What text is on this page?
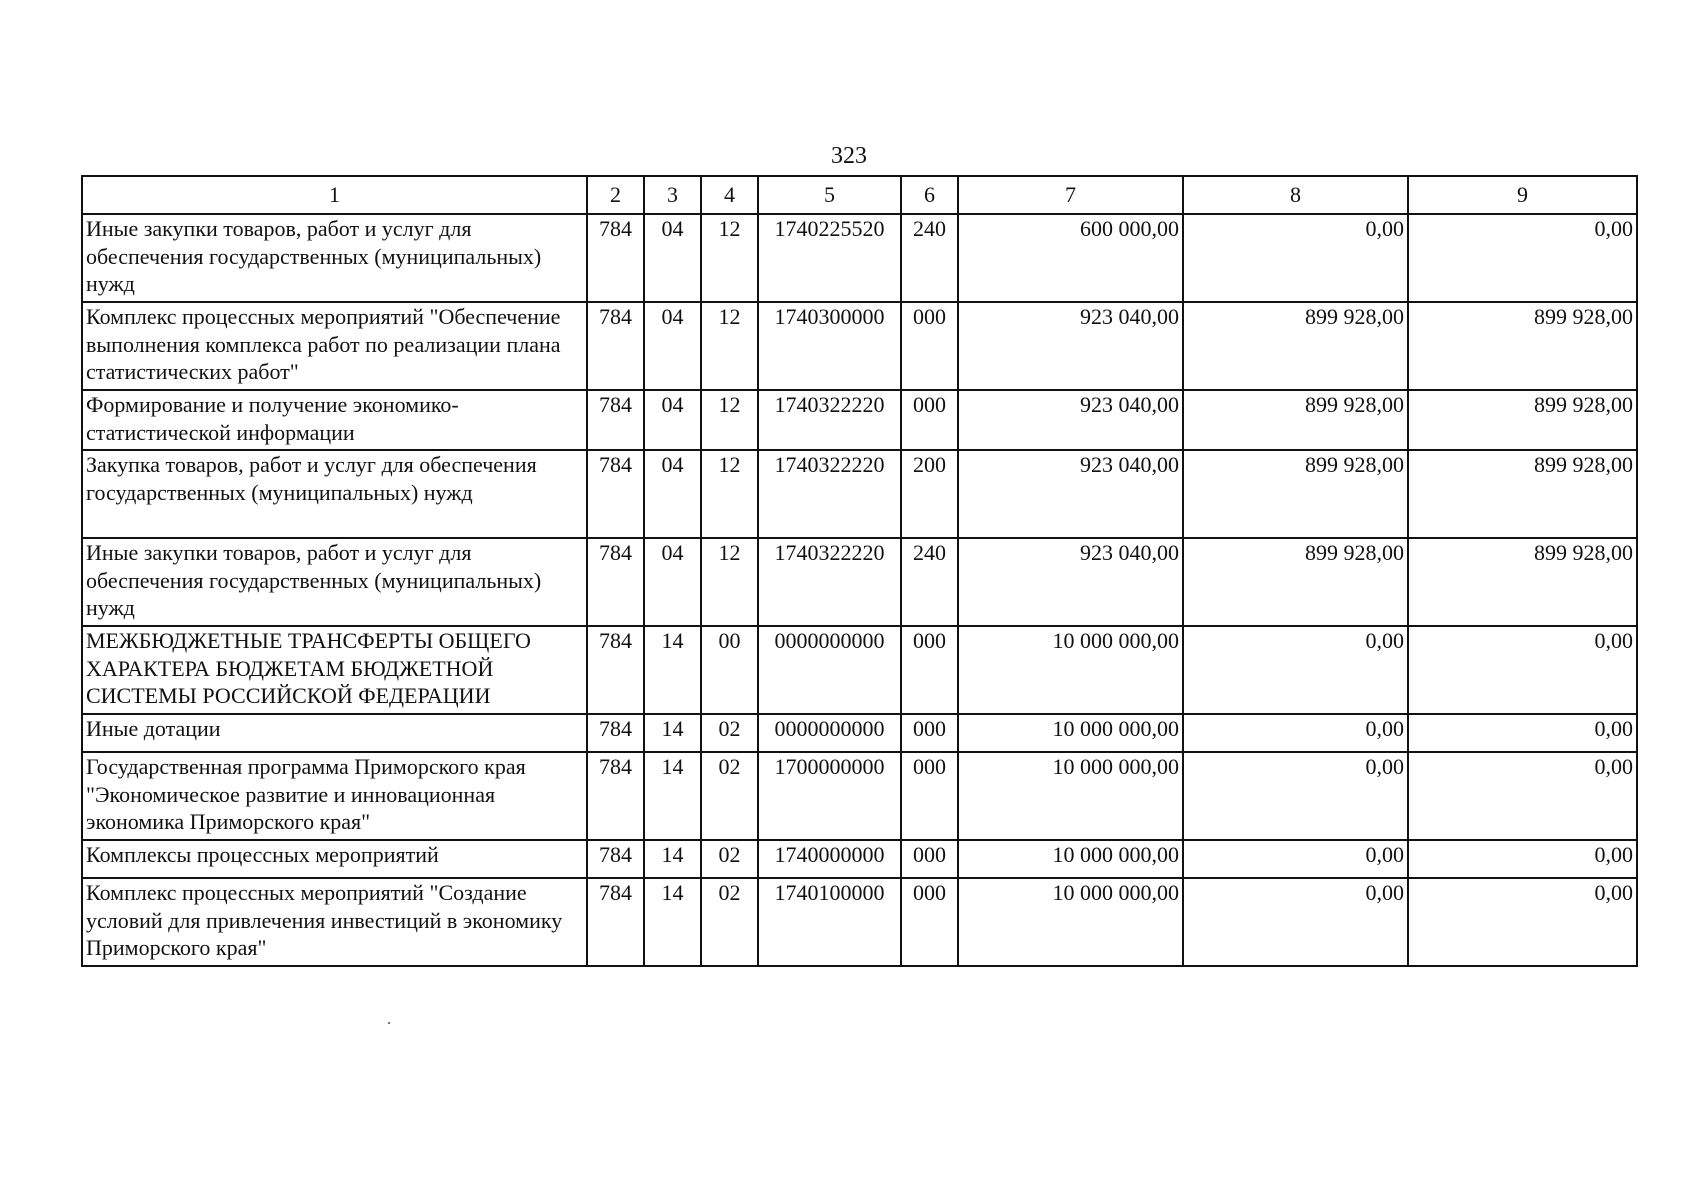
323
1	2	3	4	5	6	7	8	9
Иные закупки товаров, работ и услуг для обеспечения государственных (муниципальных) нужд	784	04	12	1740225520	240	600 000,00	0,00	0,00
Комплекс процессных мероприятий "Обеспечение выполнения комплекса работ по реализации плана статистических работ"	784	04	12	1740300000	000	923 040,00	899 928,00	899 928,00
Формирование и получение экономико-статистической информации	784	04	12	1740322220	000	923 040,00	899 928,00	899 928,00
Закупка товаров, работ и услуг для обеспечения государственных (муниципальных) нужд	784	04	12	1740322220	200	923 040,00	899 928,00	899 928,00
Иные закупки товаров, работ и услуг для обеспечения государственных (муниципальных) нужд	784	04	12	1740322220	240	923 040,00	899 928,00	899 928,00
МЕЖБЮДЖЕТНЫЕ ТРАНСФЕРТЫ ОБЩЕГО ХАРАКТЕРА БЮДЖЕТАМ БЮДЖЕТНОЙ СИСТЕМЫ РОССИЙСКОЙ ФЕДЕРАЦИИ	784	14	00	0000000000	000	10 000 000,00	0,00	0,00
Иные дотации	784	14	02	0000000000	000	10 000 000,00	0,00	0,00
Государственная программа Приморского края "Экономическое развитие и инновационная экономика Приморского края"	784	14	02	1700000000	000	10 000 000,00	0,00	0,00
Комплексы процессных мероприятий	784	14	02	1740000000	000	10 000 000,00	0,00	0,00
Комплекс процессных мероприятий "Создание условий для привлечения инвестиций в экономику Приморского края"	784	14	02	1740100000	000	10 000 000,00	0,00	0,00
